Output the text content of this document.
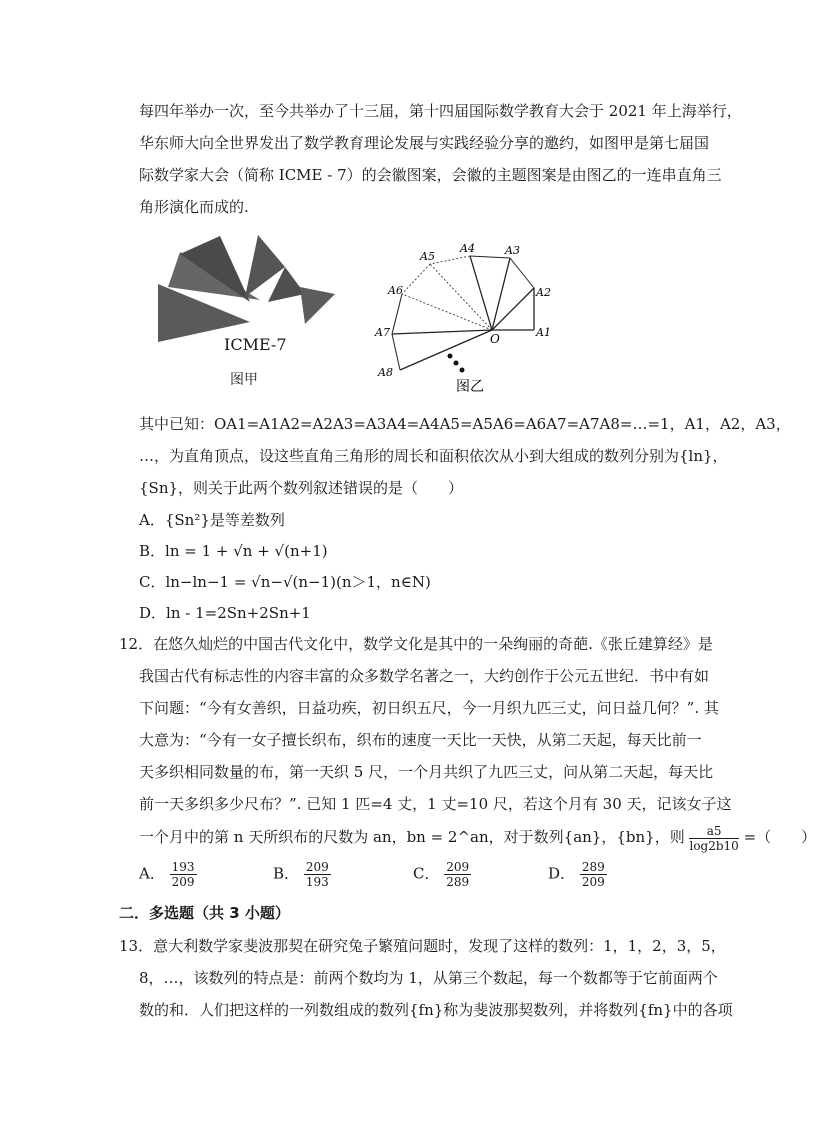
每四年举办一次，至今共举办了十三届，第十四届国际数学教育大会于 2021 年上海举行，
华东师大向全世界发出了数学教育理论发展与实践经验分享的邀约，如图甲是第七届国
际数学家大会（简称 ICME - 7）的会徽图案，会徽的主题图案是由图乙的一连串直角三
角形演化而成的.
ICME-7
图甲
A5
A4	A3
A2
A6
A7	O	A1
A8
图乙
其中已知：OA1=A1A2=A2A3=A3A4=A4A5=A5A6=A6A7=A7A8=…=1，A1，A2，A3，
…，为直角顶点，设这些直角三角形的周长和面积依次从小到大组成的数列分别为{ln}，
{Sn}，则关于此两个数列叙述错误的是（　　）
A．{Sn²}是等差数列
B．ln = 1 + √n + √(n+1)
C．ln−ln−1 = √n−√(n−1)(n＞1，n∈N)
D．ln - 1=2Sn+2Sn+1
12．在悠久灿烂的中国古代文化中，数学文化是其中的一朵绚丽的奇葩.《张丘建算经》是
我国古代有标志性的内容丰富的众多数学名著之一，大约创作于公元五世纪．书中有如
下问题：“今有女善织，日益功疾，初日织五尺，今一月织九匹三丈，问日益几何？”. 其
大意为：“今有一女子擅长织布，织布的速度一天比一天快，从第二天起，每天比前一
天多织相同数量的布，第一天织 5 尺，一个月共织了九匹三丈，问从第二天起，每天比
前一天多织多少尺布？”. 已知 1 匹=4 丈，1 丈=10 尺，若这个月有 30 天，记该女子这
一个月中的第 n 天所织布的尺数为 an，bn = 2^an，对于数列{an}，{bn}，则 $\frac{a5}{\log 2b10}$ =（　　）
A． $\frac{193}{209}$	B． $\frac{209}{193}$	C． $\frac{209}{289}$	D． $\frac{289}{209}$
二．多选题（共 3 小题）
13．意大利数学家斐波那契在研究兔子繁殖问题时，发现了这样的数列：1，1，2，3，5，
8，…，该数列的特点是：前两个数均为 1，从第三个数起，每一个数都等于它前面两个
数的和．人们把这样的一列数组成的数列{fn}称为斐波那契数列，并将数列{fn}中的各项
